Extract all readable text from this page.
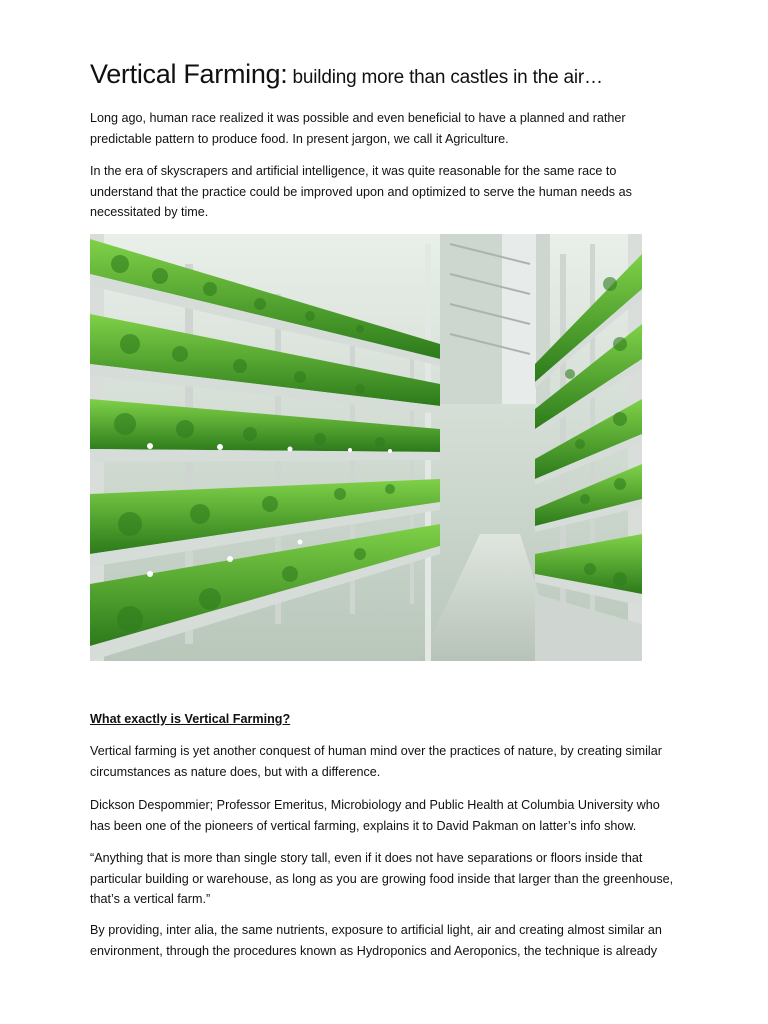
Vertical Farming: building more than castles in the air…

Long ago, human race realized it was possible and even beneficial to have a planned and rather predictable pattern to produce food. In present jargon, we call it Agriculture.

In the era of skyscrapers and artificial intelligence, it was quite reasonable for the same race to understand that the practice could be improved upon and optimized to serve the human needs as necessitated by time.

What exactly is Vertical Farming?

Vertical farming is yet another conquest of human mind over the practices of nature, by creating similar circumstances as nature does, but with a difference.

Dickson Despommier; Professor Emeritus, Microbiology and Public Health at Columbia University who has been one of the pioneers of vertical farming, explains it to David Pakman on latter’s info show.

“Anything that is more than single story tall, even if it does not have separations or floors inside that particular building or warehouse, as long as you are growing food inside that larger than the greenhouse, that’s a vertical farm.”

By providing, inter alia, the same nutrients, exposure to artificial light, air and creating almost similar an environment, through the procedures known as Hydroponics and Aeroponics, the technique is already
